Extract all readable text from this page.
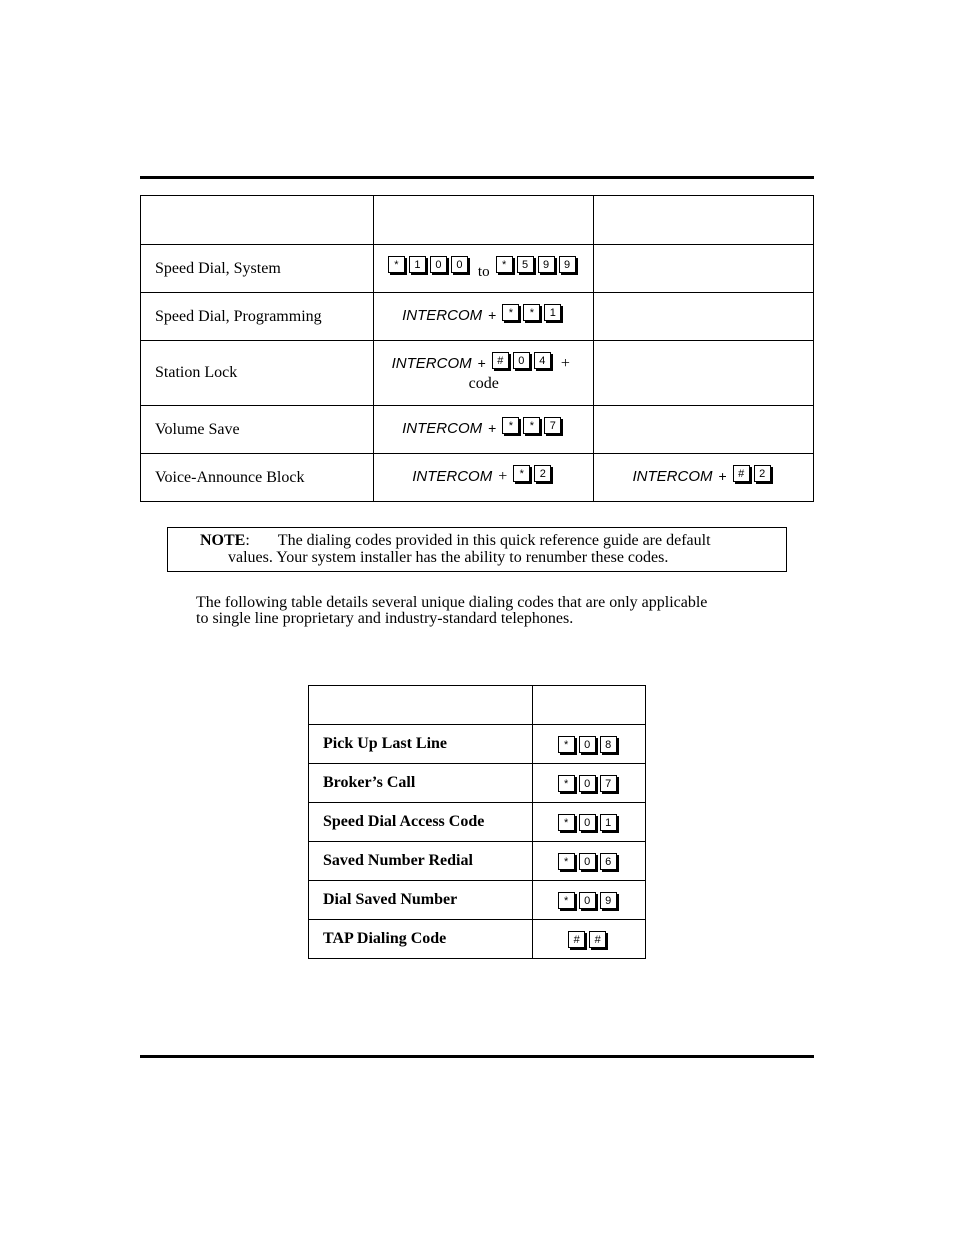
Speed Dial, System	* 1 0 0 to * 5 9 9	
Speed Dial, Programming	INTERCOM + * * 1	
Station Lock	INTERCOM + # 0 4 +
code	

Volume Save	INTERCOM + * * 7	
Voice-Announce Block	INTERCOM + * 2	INTERCOM + # 2
NOTE: The dialing codes provided in this quick reference guide are default
values. Your system installer has the ability to renumber these codes.
The following table details several unique dialing codes that are only applicable
to single line proprietary and industry-standard telephones.

Pick Up Last Line	* 0 8
Broker’s Call	* 0 7
Speed Dial Access Code	* 0 1
Saved Number Redial	* 0 6
Dial Saved Number	* 0 9
TAP Dialing Code	# #
